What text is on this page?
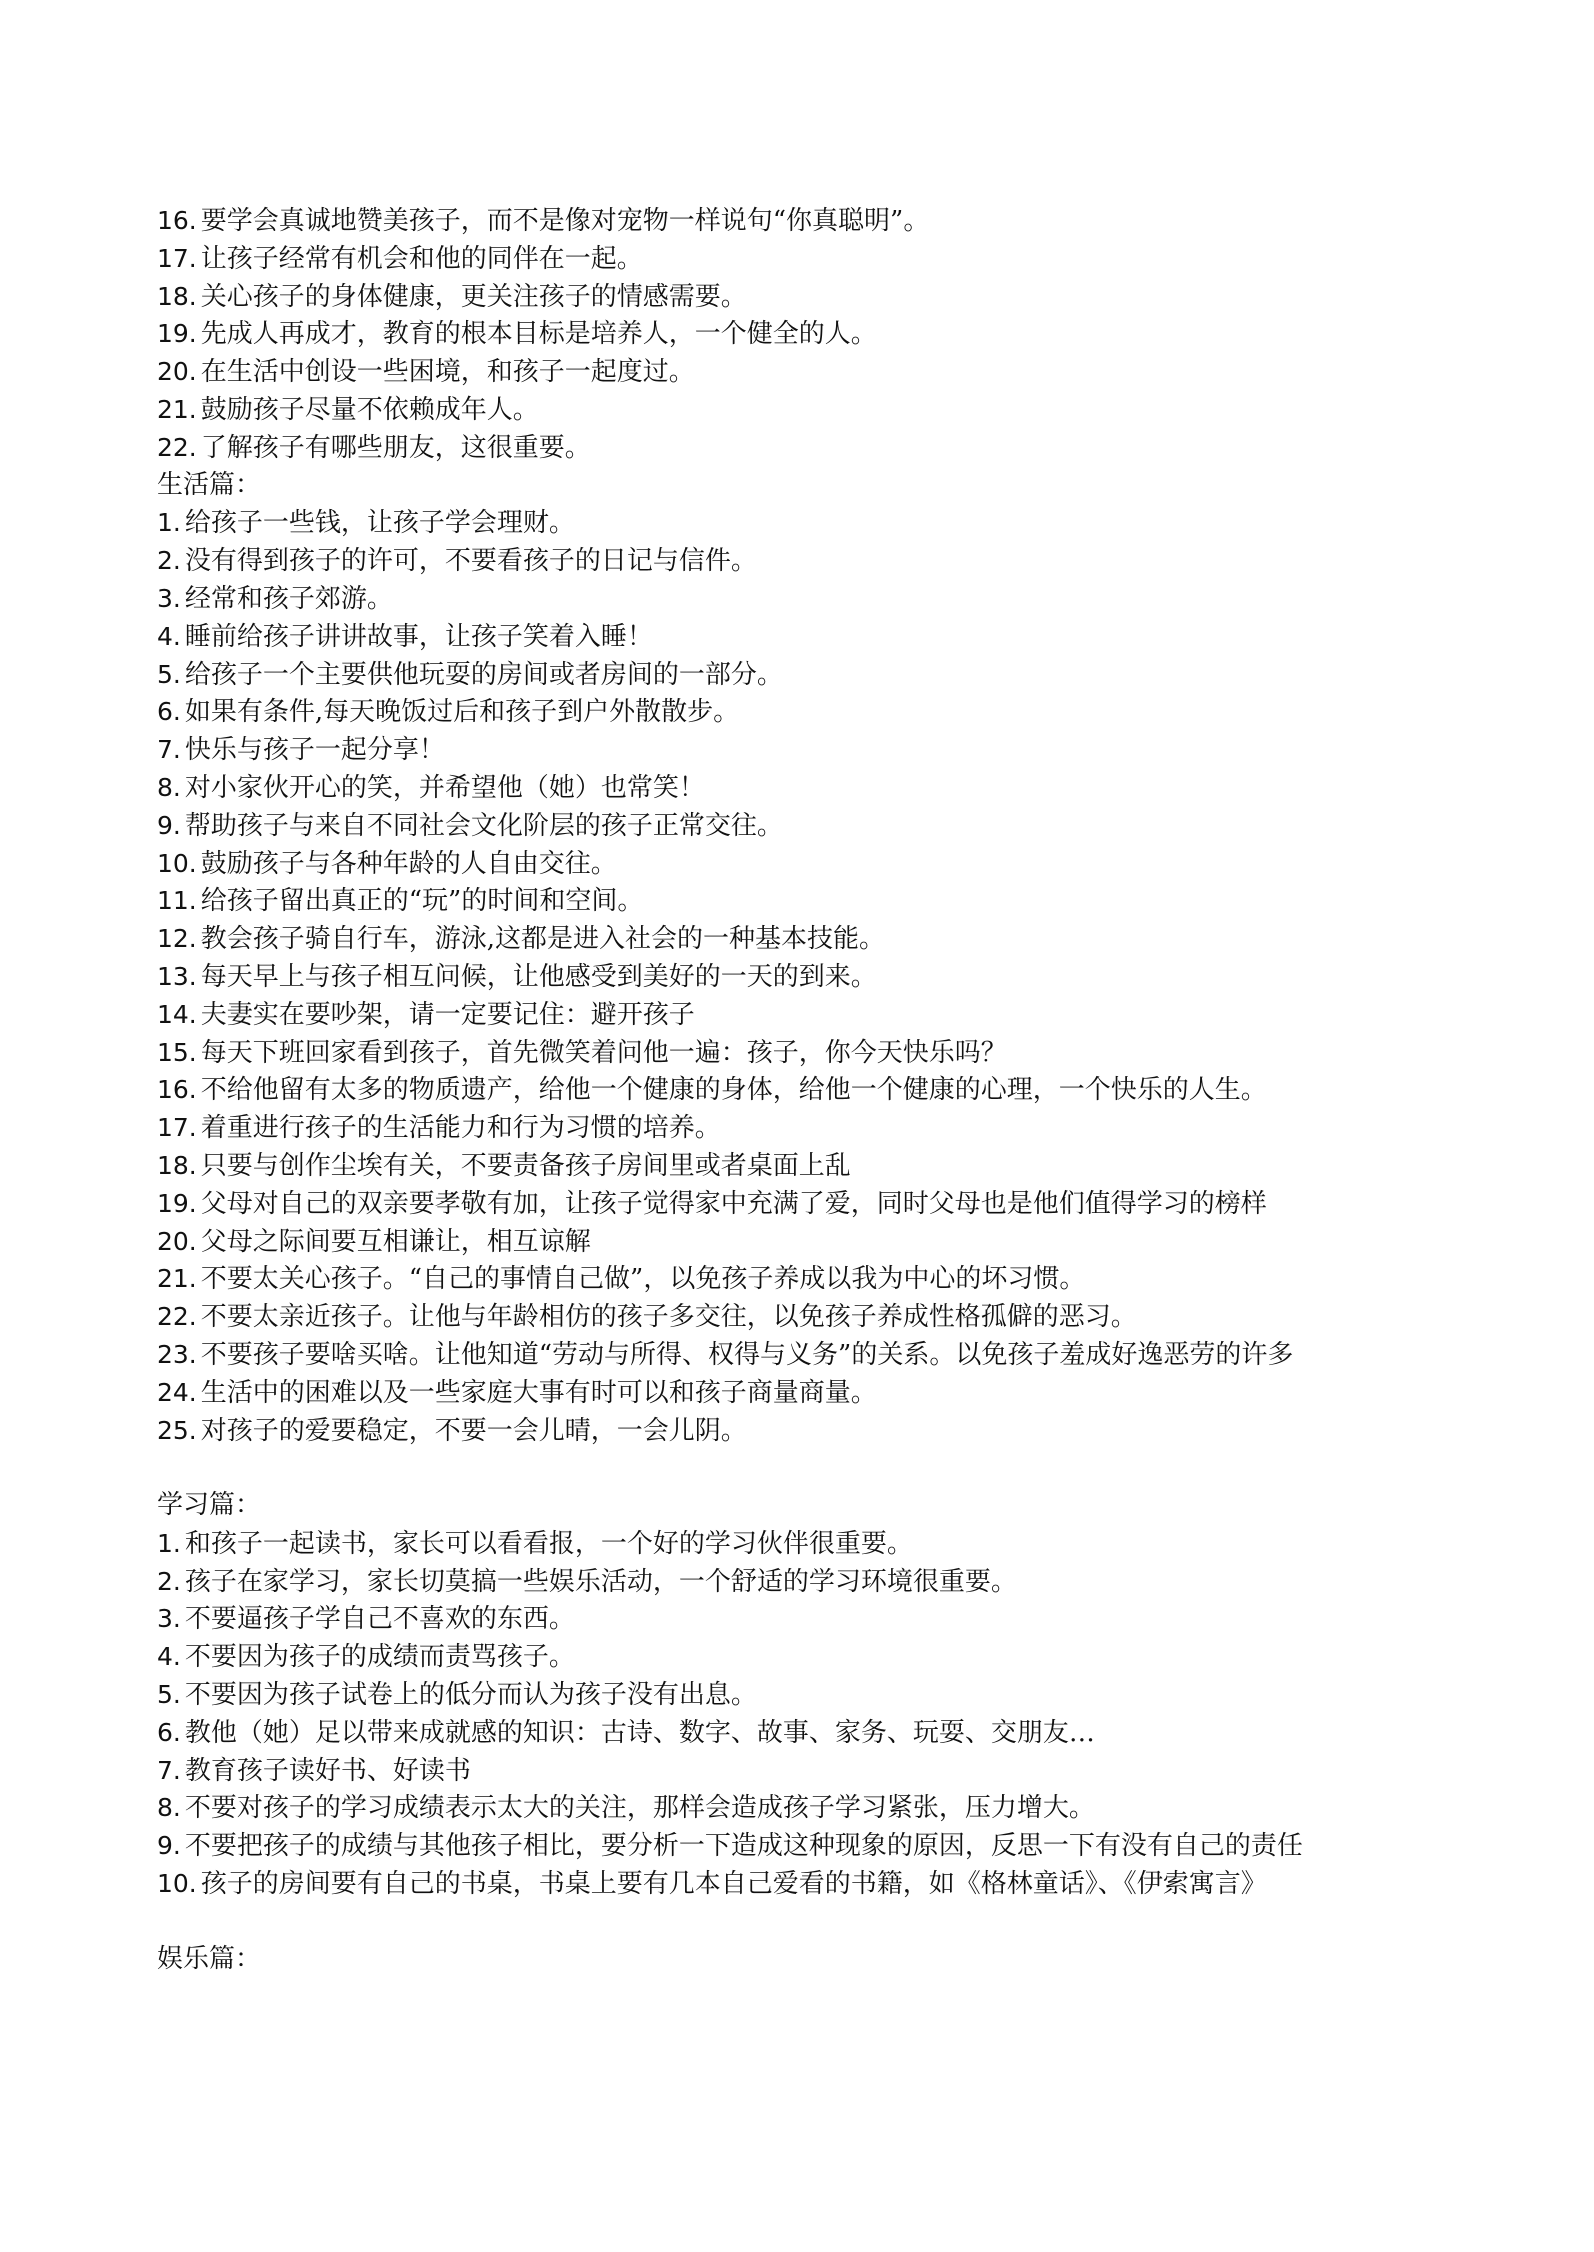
16. 要学会真诚地赞美孩子，而不是像对宠物一样说句“你真聪明”。
17. 让孩子经常有机会和他的同伴在一起。
18. 关心孩子的身体健康，更关注孩子的情感需要。
19. 先成人再成才，教育的根本目标是培养人，一个健全的人。
20. 在生活中创设一些困境，和孩子一起度过。
21. 鼓励孩子尽量不依赖成年人。
22. 了解孩子有哪些朋友，这很重要。
生活篇：
1. 给孩子一些钱，让孩子学会理财。
2. 没有得到孩子的许可，不要看孩子的日记与信件。
3. 经常和孩子郊游。
4. 睡前给孩子讲讲故事，让孩子笑着入睡！
5. 给孩子一个主要供他玩耍的房间或者房间的一部分。
6. 如果有条件,每天晚饭过后和孩子到户外散散步。
7. 快乐与孩子一起分享！
8. 对小家伙开心的笑，并希望他（她）也常笑！
9. 帮助孩子与来自不同社会文化阶层的孩子正常交往。
10. 鼓励孩子与各种年龄的人自由交往。
11. 给孩子留出真正的“玩”的时间和空间。
12. 教会孩子骑自行车，游泳,这都是进入社会的一种基本技能。
13. 每天早上与孩子相互问候，让他感受到美好的一天的到来。
14. 夫妻实在要吵架，请一定要记住：避开孩子
15. 每天下班回家看到孩子，首先微笑着问他一遍：孩子，你今天快乐吗？
16. 不给他留有太多的物质遗产，给他一个健康的身体，给他一个健康的心理，一个快乐的人生。
17. 着重进行孩子的生活能力和行为习惯的培养。
18. 只要与创作尘埃有关，不要责备孩子房间里或者桌面上乱
19. 父母对自己的双亲要孝敬有加，让孩子觉得家中充满了爱，同时父母也是他们值得学习的榜样
20. 父母之际间要互相谦让，相互谅解
21. 不要太关心孩子。“自己的事情自己做”，以免孩子养成以我为中心的坏习惯。
22. 不要太亲近孩子。让他与年龄相仿的孩子多交往，以免孩子养成性格孤僻的恶习。
23. 不要孩子要啥买啥。让他知道“劳动与所得、权得与义务”的关系。以免孩子羞成好逸恶劳的许多
24. 生活中的困难以及一些家庭大事有时可以和孩子商量商量。
25. 对孩子的爱要稳定，不要一会儿晴，一会儿阴。
学习篇：
1. 和孩子一起读书，家长可以看看报，一个好的学习伙伴很重要。
2. 孩子在家学习，家长切莫搞一些娱乐活动，一个舒适的学习环境很重要。
3. 不要逼孩子学自己不喜欢的东西。
4. 不要因为孩子的成绩而责骂孩子。
5. 不要因为孩子试卷上的低分而认为孩子没有出息。
6. 教他（她）足以带来成就感的知识：古诗、数字、故事、家务、玩耍、交朋友…
7. 教育孩子读好书、好读书
8. 不要对孩子的学习成绩表示太大的关注，那样会造成孩子学习紧张，压力增大。
9. 不要把孩子的成绩与其他孩子相比，要分析一下造成这种现象的原因，反思一下有没有自己的责任
10. 孩子的房间要有自己的书桌，书桌上要有几本自己爱看的书籍，如《格林童话》、《伊索寓言》
娱乐篇：
